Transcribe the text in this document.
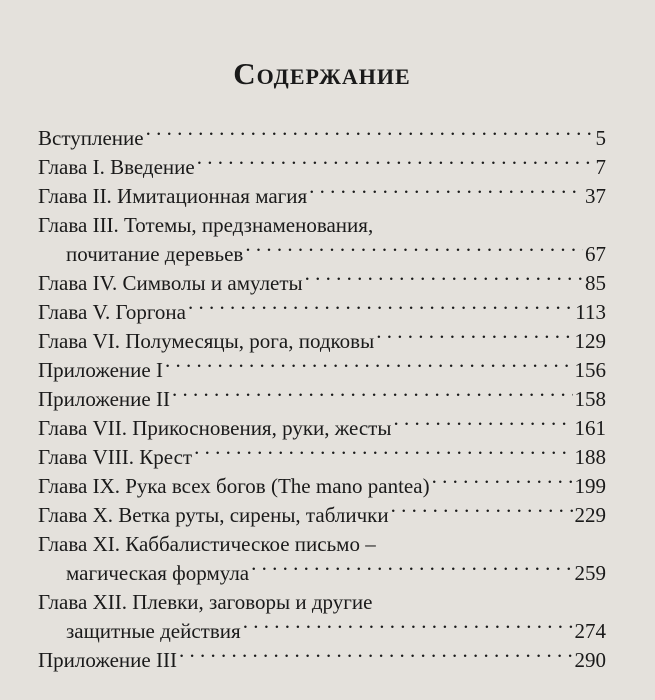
Содержание
Вступление . . .	5
Глава I. Введение . . .	7
Глава II. Имитационная магия . . .	37
Глава III. Тотемы, предзнаменования,
почитание деревьев . . .	67
Глава IV. Символы и амулеты . . .	85
Глава V. Горгона . . .	113
Глава VI. Полумесяцы, рога, подковы . . .	129
Приложение I . . .	156
Приложение II . . .	158
Глава VII. Прикосновения, руки, жесты . . .	161
Глава VIII. Крест . . .	188
Глава IX. Рука всех богов (The mano pantea) . . .	199
Глава X. Ветка руты, сирены, таблички . . .	229
Глава XI. Каббалистическое письмо –
магическая формула . . .	259
Глава XII. Плевки, заговоры и другие
защитные действия . . .	274
Приложение III . . .	290
